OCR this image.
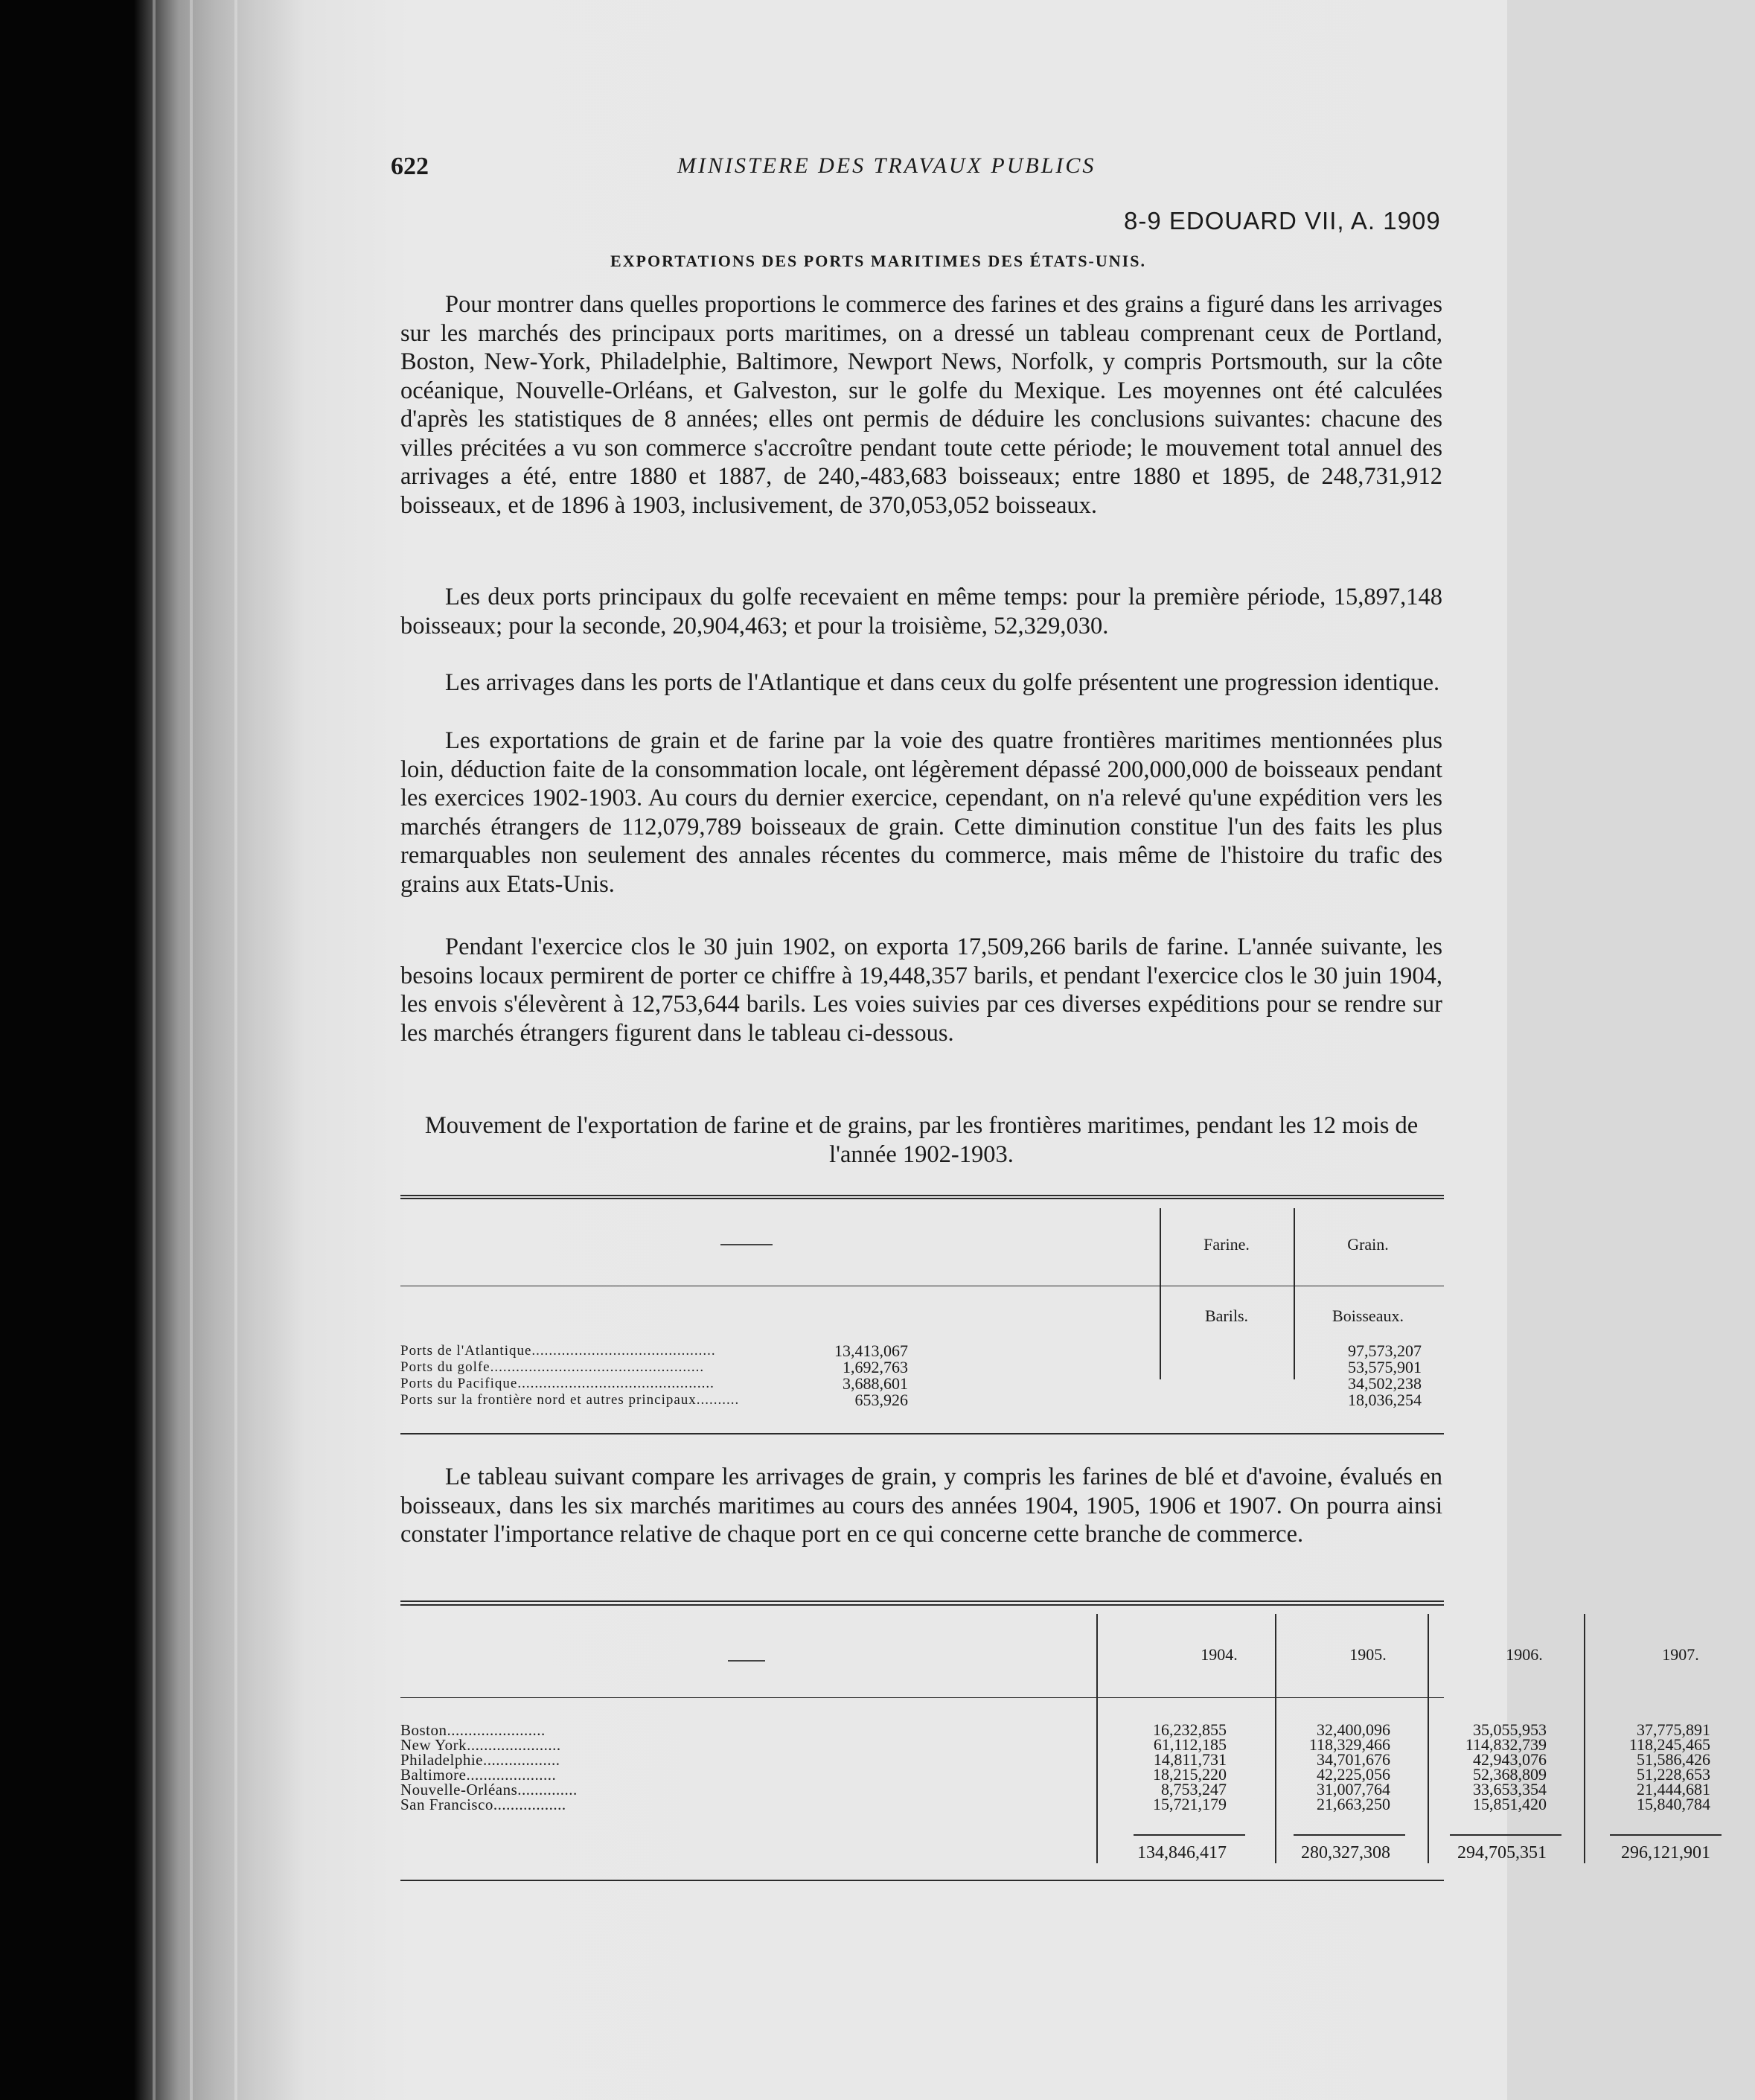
622	MINISTERE DES TRAVAUX PUBLICS
8-9 EDOUARD VII, A. 1909
EXPORTATIONS DES PORTS MARITIMES DES ÉTATS-UNIS.

Pour montrer dans quelles proportions le commerce des farines et des grains a figuré dans les arrivages sur les marchés des principaux ports maritimes, on a dressé un tableau comprenant ceux de Portland, Boston, New-York, Philadelphie, Baltimore, Newport News, Norfolk, y compris Portsmouth, sur la côte océanique, Nouvelle-Orléans, et Galveston, sur le golfe du Mexique. Les moyennes ont été calculées d'après les statistiques de 8 années; elles ont permis de déduire les conclusions suivantes: chacune des villes précitées a vu son commerce s'accroître pendant toute cette période; le mouvement total annuel des arrivages a été, entre 1880 et 1887, de 240,-483,683 boisseaux; entre 1880 et 1895, de 248,731,912 boisseaux, et de 1896 à 1903, inclusivement, de 370,053,052 boisseaux.

Les deux ports principaux du golfe recevaient en même temps: pour la première période, 15,897,148 boisseaux; pour la seconde, 20,904,463; et pour la troisième, 52,329,030.

Les arrivages dans les ports de l'Atlantique et dans ceux du golfe présentent une progression identique.

Les exportations de grain et de farine par la voie des quatre frontières maritimes mentionnées plus loin, déduction faite de la consommation locale, ont légèrement dépassé 200,000,000 de boisseaux pendant les exercices 1902-1903. Au cours du dernier exercice, cependant, on n'a relevé qu'une expédition vers les marchés étrangers de 112,079,789 boisseaux de grain. Cette diminution constitue l'un des faits les plus remarquables non seulement des annales récentes du commerce, mais même de l'histoire du trafic des grains aux Etats-Unis.

Pendant l'exercice clos le 30 juin 1902, on exporta 17,509,266 barils de farine. L'année suivante, les besoins locaux permirent de porter ce chiffre à 19,448,357 barils, et pendant l'exercice clos le 30 juin 1904, les envois s'élevèrent à 12,753,644 barils. Les voies suivies par ces diverses expéditions pour se rendre sur les marchés étrangers figurent dans le tableau ci-dessous.

Mouvement de l'exportation de farine et de grains, par les frontières maritimes, pendant les 12 mois de l'année 1902-1903.

Farine.	Grain.
Barils.	Boisseaux.
Ports de l'Atlantique...........................................	13,413,067	97,573,207
Ports du golfe..................................................	1,692,763	53,575,901
Ports du Pacifique..............................................	3,688,601	34,502,238
Ports sur la frontière nord et autres principaux..........	653,926	18,036,254

Le tableau suivant compare les arrivages de grain, y compris les farines de blé et d'avoine, évalués en boisseaux, dans les six marchés maritimes au cours des années 1904, 1905, 1906 et 1907. On pourra ainsi constater l'importance relative de chaque port en ce qui concerne cette branche de commerce.

1904.	1905.	1906.	1907.
Boston.......................	16,232,855	32,400,096	35,055,953	37,775,891
New York......................	61,112,185	118,329,466	114,832,739	118,245,465
Philadelphie..................	14,811,731	34,701,676	42,943,076	51,586,426
Baltimore.....................	18,215,220	42,225,056	52,368,809	51,228,653
Nouvelle-Orléans..............	8,753,247	31,007,764	33,653,354	21,444,681
San Francisco.................	15,721,179	21,663,250	15,851,420	15,840,784
134,846,417	280,327,308	294,705,351	296,121,901
